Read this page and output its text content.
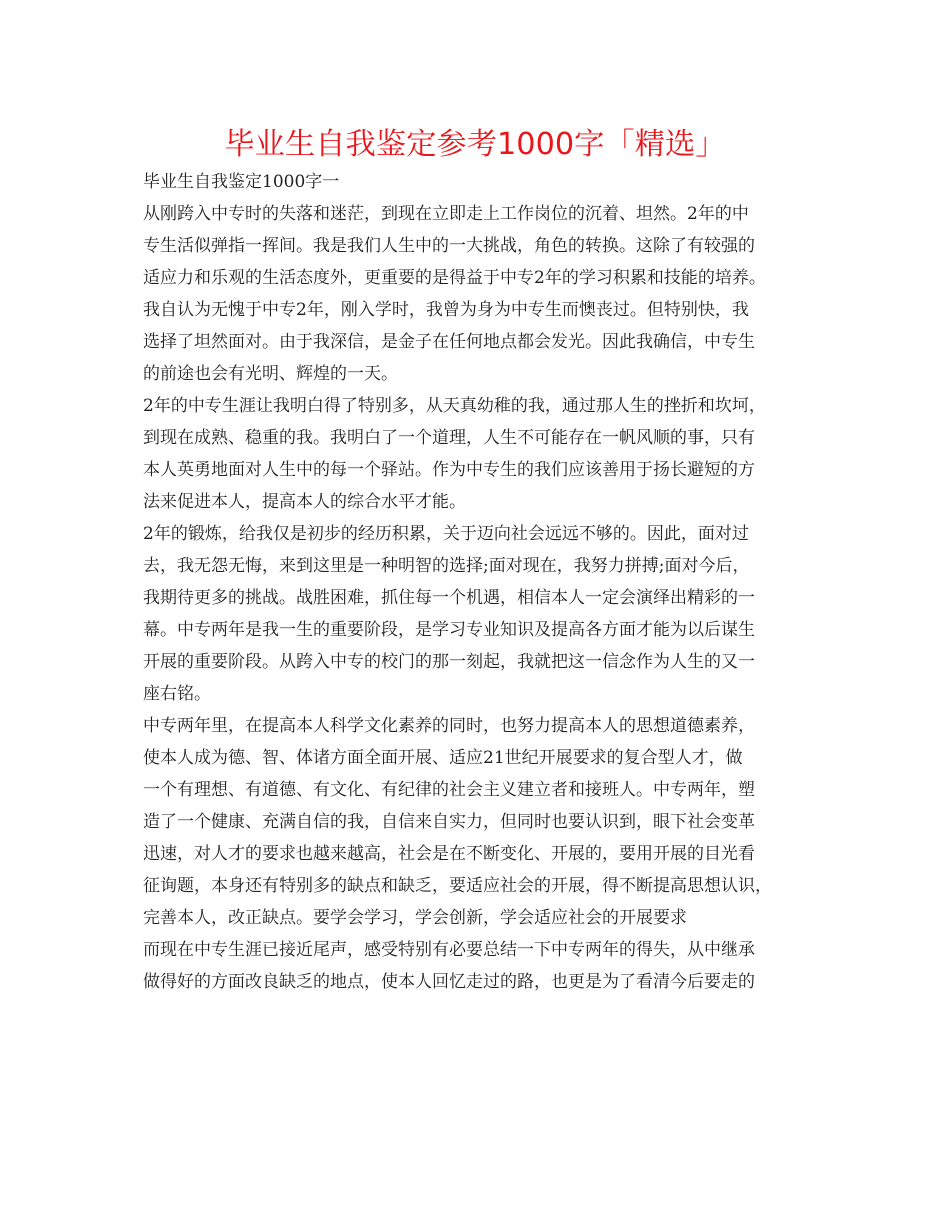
毕业生自我鉴定参考1000字「精选」
毕业生自我鉴定1000字一
从刚跨入中专时的失落和迷茫，到现在立即走上工作岗位的沉着、坦然。2年的中
专生活似弹指一挥间。我是我们人生中的一大挑战，角色的转换。这除了有较强的
适应力和乐观的生活态度外，更重要的是得益于中专2年的学习积累和技能的培养。
我自认为无愧于中专2年，刚入学时，我曾为身为中专生而懊丧过。但特别快，我
选择了坦然面对。由于我深信，是金子在任何地点都会发光。因此我确信，中专生
的前途也会有光明、辉煌的一天。
2年的中专生涯让我明白得了特别多，从天真幼稚的我，通过那人生的挫折和坎坷，
到现在成熟、稳重的我。我明白了一个道理，人生不可能存在一帆风顺的事，只有
本人英勇地面对人生中的每一个驿站。作为中专生的我们应该善用于扬长避短的方
法来促进本人，提高本人的综合水平才能。
2年的锻炼，给我仅是初步的经历积累，关于迈向社会远远不够的。因此，面对过
去，我无怨无悔，来到这里是一种明智的选择;面对现在，我努力拼搏;面对今后，
我期待更多的挑战。战胜困难，抓住每一个机遇，相信本人一定会演绎出精彩的一
幕。中专两年是我一生的重要阶段，是学习专业知识及提高各方面才能为以后谋生
开展的重要阶段。从跨入中专的校门的那一刻起，我就把这一信念作为人生的又一
座右铭。
中专两年里，在提高本人科学文化素养的同时，也努力提高本人的思想道德素养，
使本人成为德、智、体诸方面全面开展、适应21世纪开展要求的复合型人才，做
一个有理想、有道德、有文化、有纪律的社会主义建立者和接班人。中专两年，塑
造了一个健康、充满自信的我，自信来自实力，但同时也要认识到，眼下社会变革
迅速，对人才的要求也越来越高，社会是在不断变化、开展的，要用开展的目光看
征询题，本身还有特别多的缺点和缺乏，要适应社会的开展，得不断提高思想认识，
完善本人，改正缺点。要学会学习，学会创新，学会适应社会的开展要求
而现在中专生涯已接近尾声，感受特别有必要总结一下中专两年的得失，从中继承
做得好的方面改良缺乏的地点，使本人回忆走过的路，也更是为了看清今后要走的
